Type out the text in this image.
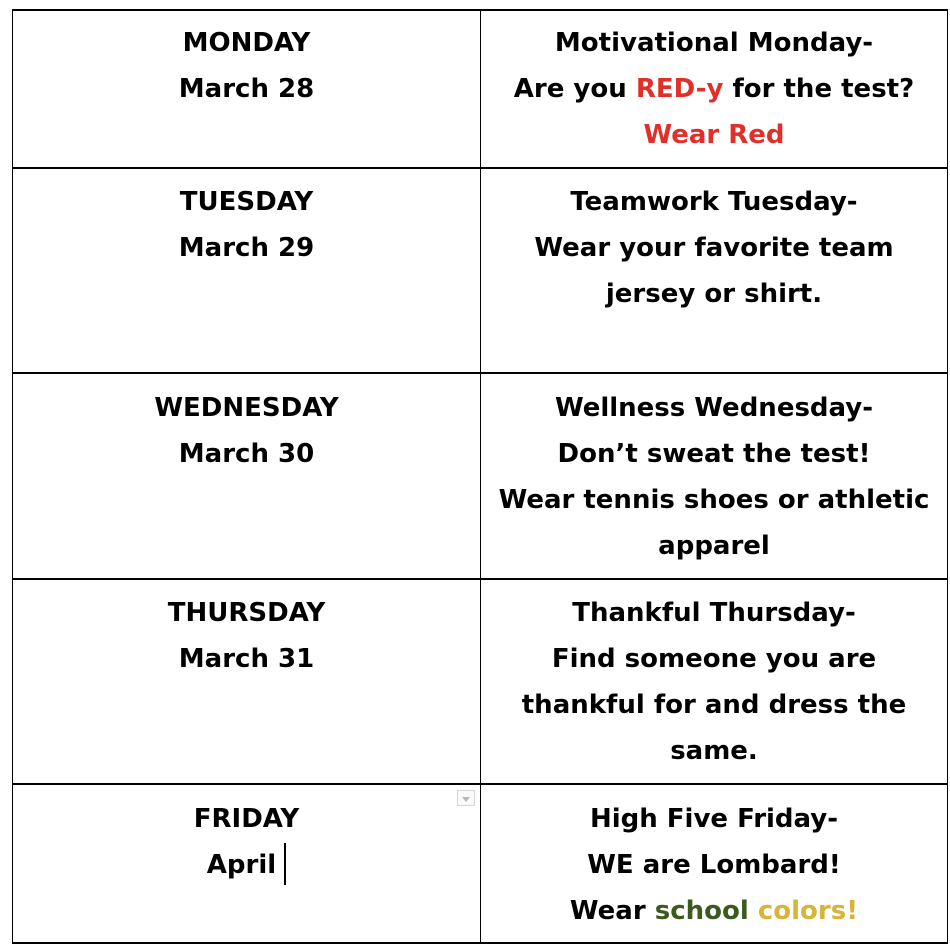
MONDAY
March 28
Motivational Monday-
Are you RED-y for the test?
Wear Red
TUESDAY
March 29
Teamwork Tuesday-
Wear your favorite team
jersey or shirt.
WEDNESDAY
March 30
Wellness Wednesday-
Don’t sweat the test!
Wear tennis shoes or athletic
apparel
THURSDAY
March 31
Thankful Thursday-
Find someone you are
thankful for and dress the
same.
FRIDAY
April
High Five Friday-
WE are Lombard!
Wear school colors!
